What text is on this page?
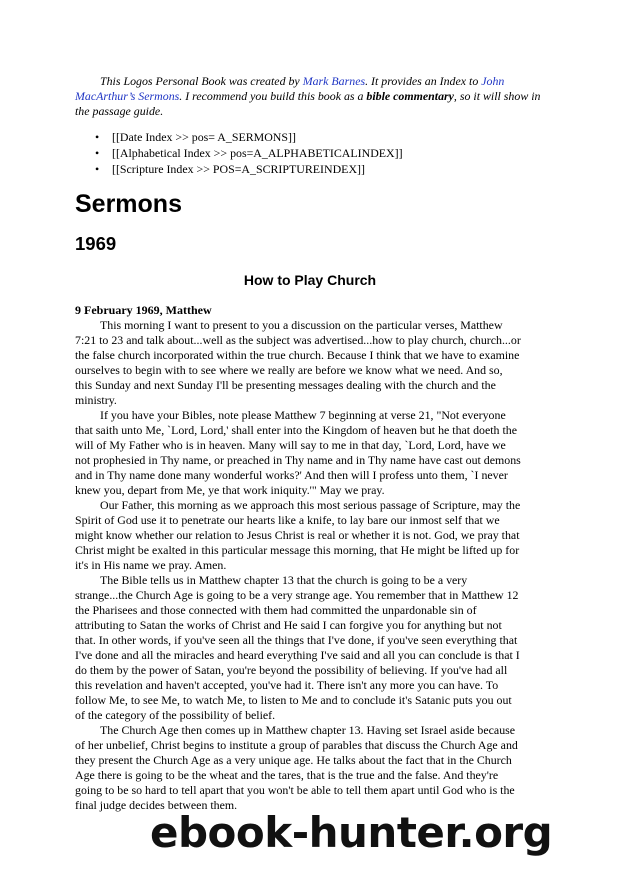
This Logos Personal Book was created by Mark Barnes. It provides an Index to John MacArthur’s Sermons. I recommend you build this book as a bible commentary, so it will show in the passage guide.

• [[Date Index >> pos= A_SERMONS]]
• [[Alphabetical Index >> pos=A_ALPHABETICALINDEX]]
• [[Scripture Index >> POS=A_SCRIPTUREINDEX]]
Sermons
1969
How to Play Church

9 February 1969, Matthew

This morning I want to present to you a discussion on the particular verses, Matthew
7:21 to 23 and talk about...well as the subject was advertised...how to play church, church...or
the false church incorporated within the true church. Because I think that we have to examine
ourselves to begin with to see where we really are before we know what we need. And so,
this Sunday and next Sunday I'll be presenting messages dealing with the church and the
ministry.

If you have your Bibles, note please Matthew 7 beginning at verse 21, "Not everyone
that saith unto Me, `Lord, Lord,' shall enter into the Kingdom of heaven but he that doeth the
will of My Father who is in heaven. Many will say to me in that day, `Lord, Lord, have we
not prophesied in Thy name, or preached in Thy name and in Thy name have cast out demons
and in Thy name done many wonderful works?' And then will I profess unto them, `I never
knew you, depart from Me, ye that work iniquity.'" May we pray.

Our Father, this morning as we approach this most serious passage of Scripture, may the
Spirit of God use it to penetrate our hearts like a knife, to lay bare our inmost self that we
might know whether our relation to Jesus Christ is real or whether it is not. God, we pray that
Christ might be exalted in this particular message this morning, that He might be lifted up for
it's in His name we pray. Amen.

The Bible tells us in Matthew chapter 13 that the church is going to be a very
strange...the Church Age is going to be a very strange age. You remember that in Matthew 12
the Pharisees and those connected with them had committed the unpardonable sin of
attributing to Satan the works of Christ and He said I can forgive you for anything but not
that. In other words, if you've seen all the things that I've done, if you've seen everything that
I've done and all the miracles and heard everything I've said and all you can conclude is that I
do them by the power of Satan, you're beyond the possibility of believing. If you've had all
this revelation and haven't accepted, you've had it. There isn't any more you can have. To
follow Me, to see Me, to watch Me, to listen to Me and to conclude it's Satanic puts you out
of the category of the possibility of belief.

The Church Age then comes up in Matthew chapter 13. Having set Israel aside because
of her unbelief, Christ begins to institute a group of parables that discuss the Church Age and
they present the Church Age as a very unique age. He talks about the fact that in the Church
Age there is going to be the wheat and the tares, that is the true and the false. And they're
going to be so hard to tell apart that you won't be able to tell them apart until God who is the
final judge decides between them.

ebook-hunter.org
